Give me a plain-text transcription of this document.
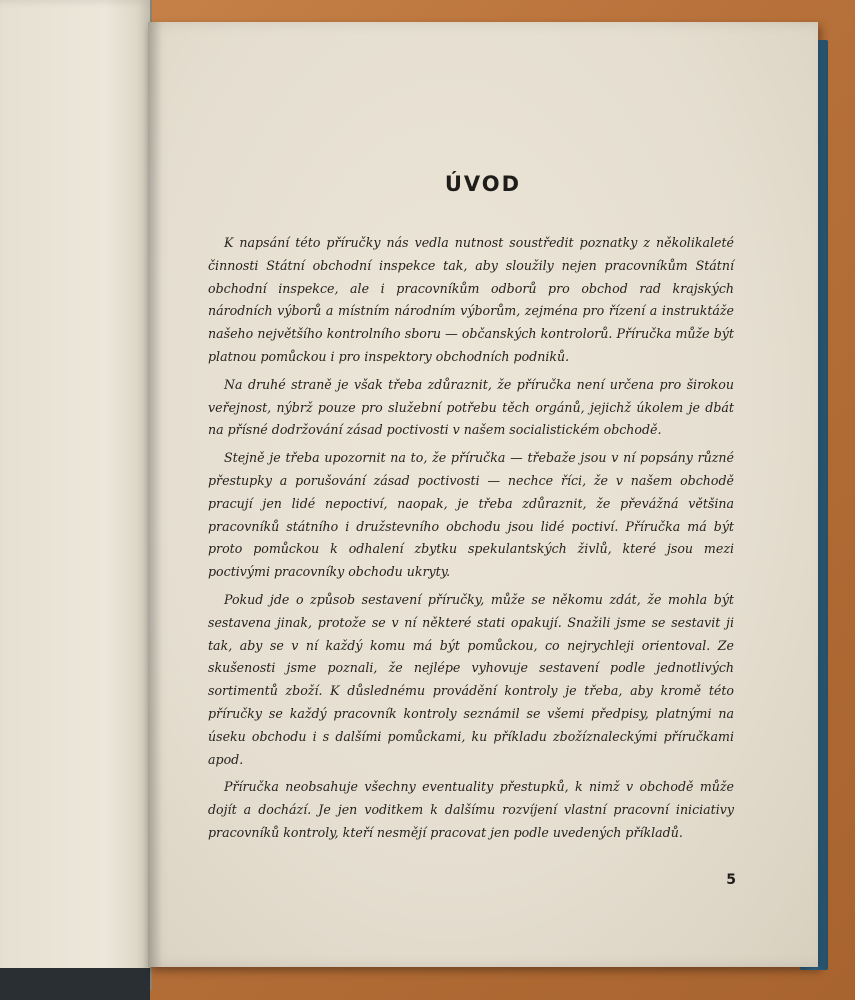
ÚVOD

K napsání této příručky nás vedla nutnost soustředit poznatky z několikaleté činnosti Státní obchodní inspekce tak, aby sloužily nejen pracovníkům Státní obchodní inspekce, ale i pracovníkům odborů pro obchod rad krajských národních výborů a místním národním výborům, zejména pro řízení a instruktáže našeho největšího kontrolního sboru — občanských kontrolorů. Příručka může být platnou pomůckou i pro inspektory obchodních podniků.

Na druhé straně je však třeba zdůraznit, že příručka není určena pro širokou veřejnost, nýbrž pouze pro služební potřebu těch orgánů, jejichž úkolem je dbát na přísné dodržování zásad poctivosti v našem socialistickém obchodě.

Stejně je třeba upozornit na to, že příručka — třebaže jsou v ní popsány různé přestupky a porušování zásad poctivosti — nechce říci, že v našem obchodě pracují jen lidé nepoctiví, naopak, je třeba zdůraznit, že převážná většina pracovníků státního i družstevního obchodu jsou lidé poctiví. Příručka má být proto pomůckou k odhalení zbytku spekulantských živlů, které jsou mezi poctivými pracovníky obchodu ukryty.

Pokud jde o způsob sestavení příručky, může se někomu zdát, že mohla být sestavena jinak, protože se v ní některé stati opakují. Snažili jsme se sestavit ji tak, aby se v ní každý komu má být pomůckou, co nejrychleji orientoval. Ze skušenosti jsme poznali, že nejlépe vyhovuje sestavení podle jednotlivých sortimentů zboží. K důslednému provádění kontroly je třeba, aby kromě této příručky se každý pracovník kontroly seznámil se všemi předpisy, platnými na úseku obchodu i s dalšími pomůckami, ku příkladu zbožíznaleckými příručkami apod.

Příručka neobsahuje všechny eventuality přestupků, k nimž v obchodě může dojít a dochází. Je jen voditkem k dalšímu rozvíjení vlastní pracovní iniciativy pracovníků kontroly, kteří nesmějí pracovat jen podle uvedených příkladů.

5
